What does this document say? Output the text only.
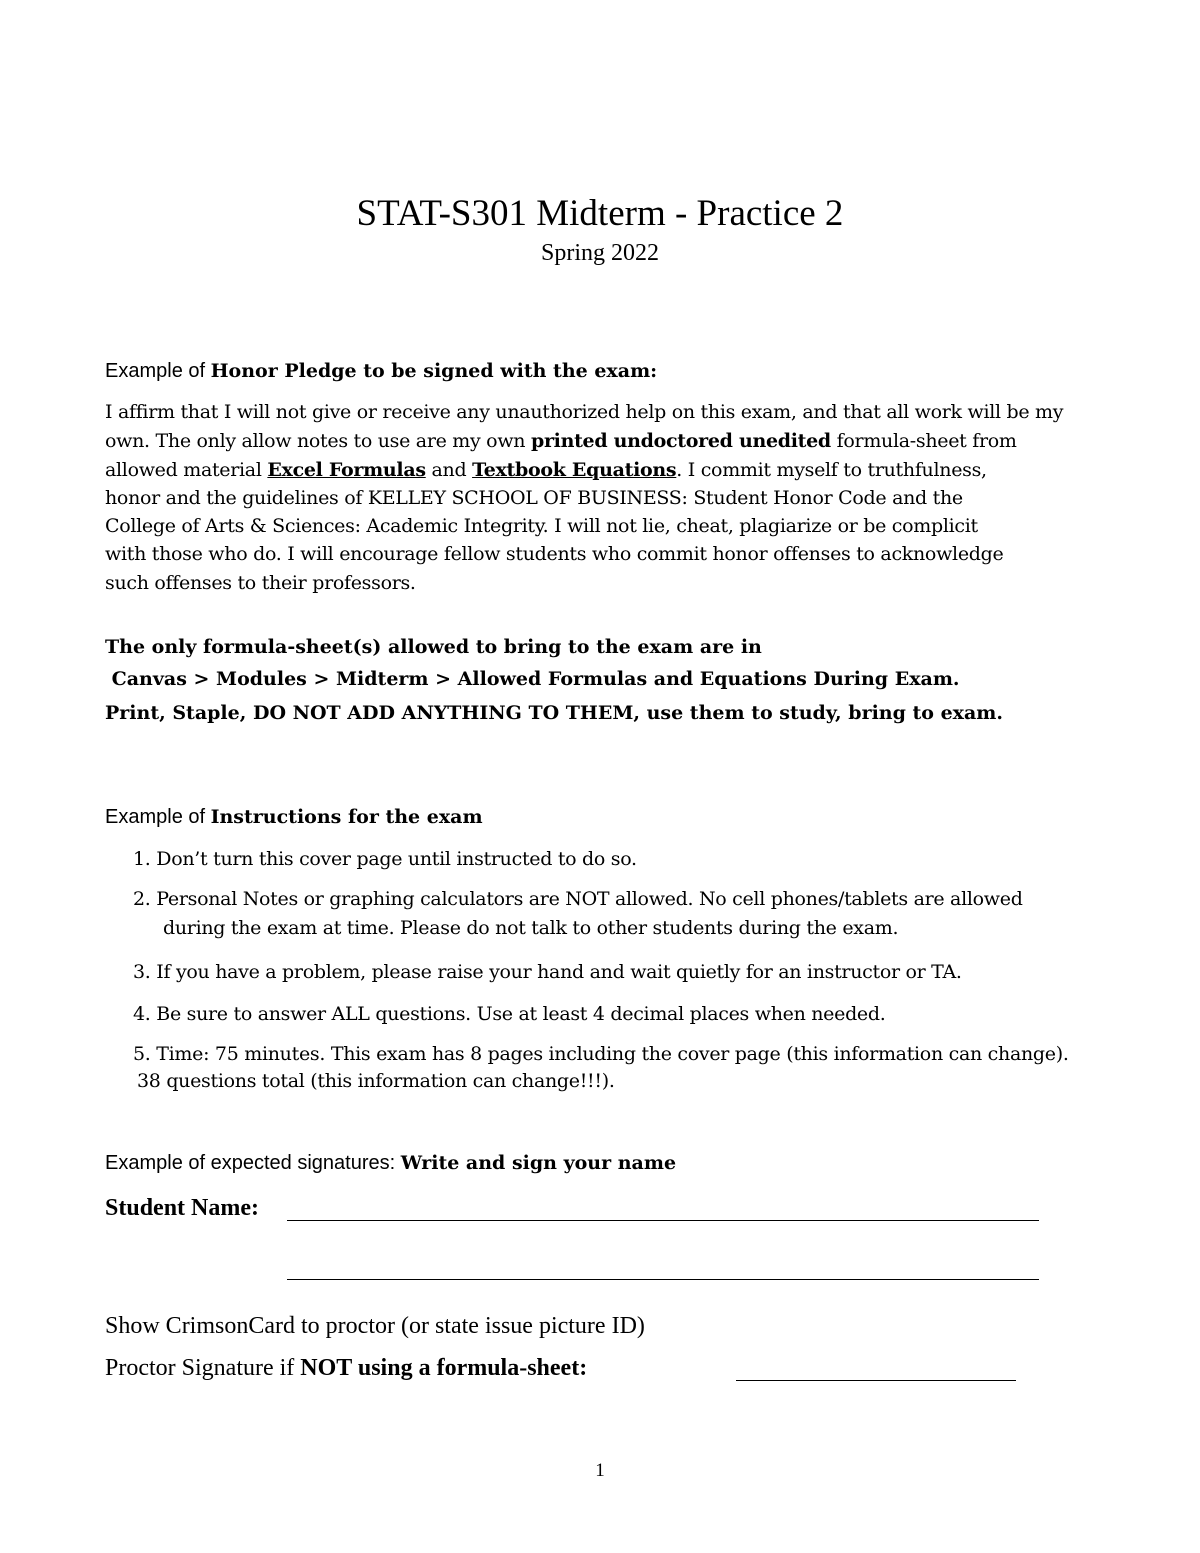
STAT-S301 Midterm - Practice 2
Spring 2022
Example of Honor Pledge to be signed with the exam:
I affirm that I will not give or receive any unauthorized help on this exam, and that all work will be my
own. The only allow notes to use are my own printed undoctored unedited formula-sheet from
allowed material Excel Formulas and Textbook Equations. I commit myself to truthfulness,
honor and the guidelines of KELLEY SCHOOL OF BUSINESS: Student Honor Code and the
College of Arts & Sciences: Academic Integrity. I will not lie, cheat, plagiarize or be complicit
with those who do. I will encourage fellow students who commit honor offenses to acknowledge
such offenses to their professors.
The only formula-sheet(s) allowed to bring to the exam are in
Canvas > Modules > Midterm > Allowed Formulas and Equations During Exam.
Print, Staple, DO NOT ADD ANYTHING TO THEM, use them to study, bring to exam.
Example of Instructions for the exam
1. Don’t turn this cover page until instructed to do so.
2. Personal Notes or graphing calculators are NOT allowed. No cell phones/tablets are allowed
during the exam at time. Please do not talk to other students during the exam.
3. If you have a problem, please raise your hand and wait quietly for an instructor or TA.
4. Be sure to answer ALL questions. Use at least 4 decimal places when needed.
5. Time: 75 minutes. This exam has 8 pages including the cover page (this information can change).
38 questions total (this information can change!!!).
Example of expected signatures: Write and sign your name
Student Name:
Show CrimsonCard to proctor (or state issue picture ID)
Proctor Signature if NOT using a formula-sheet:
1
